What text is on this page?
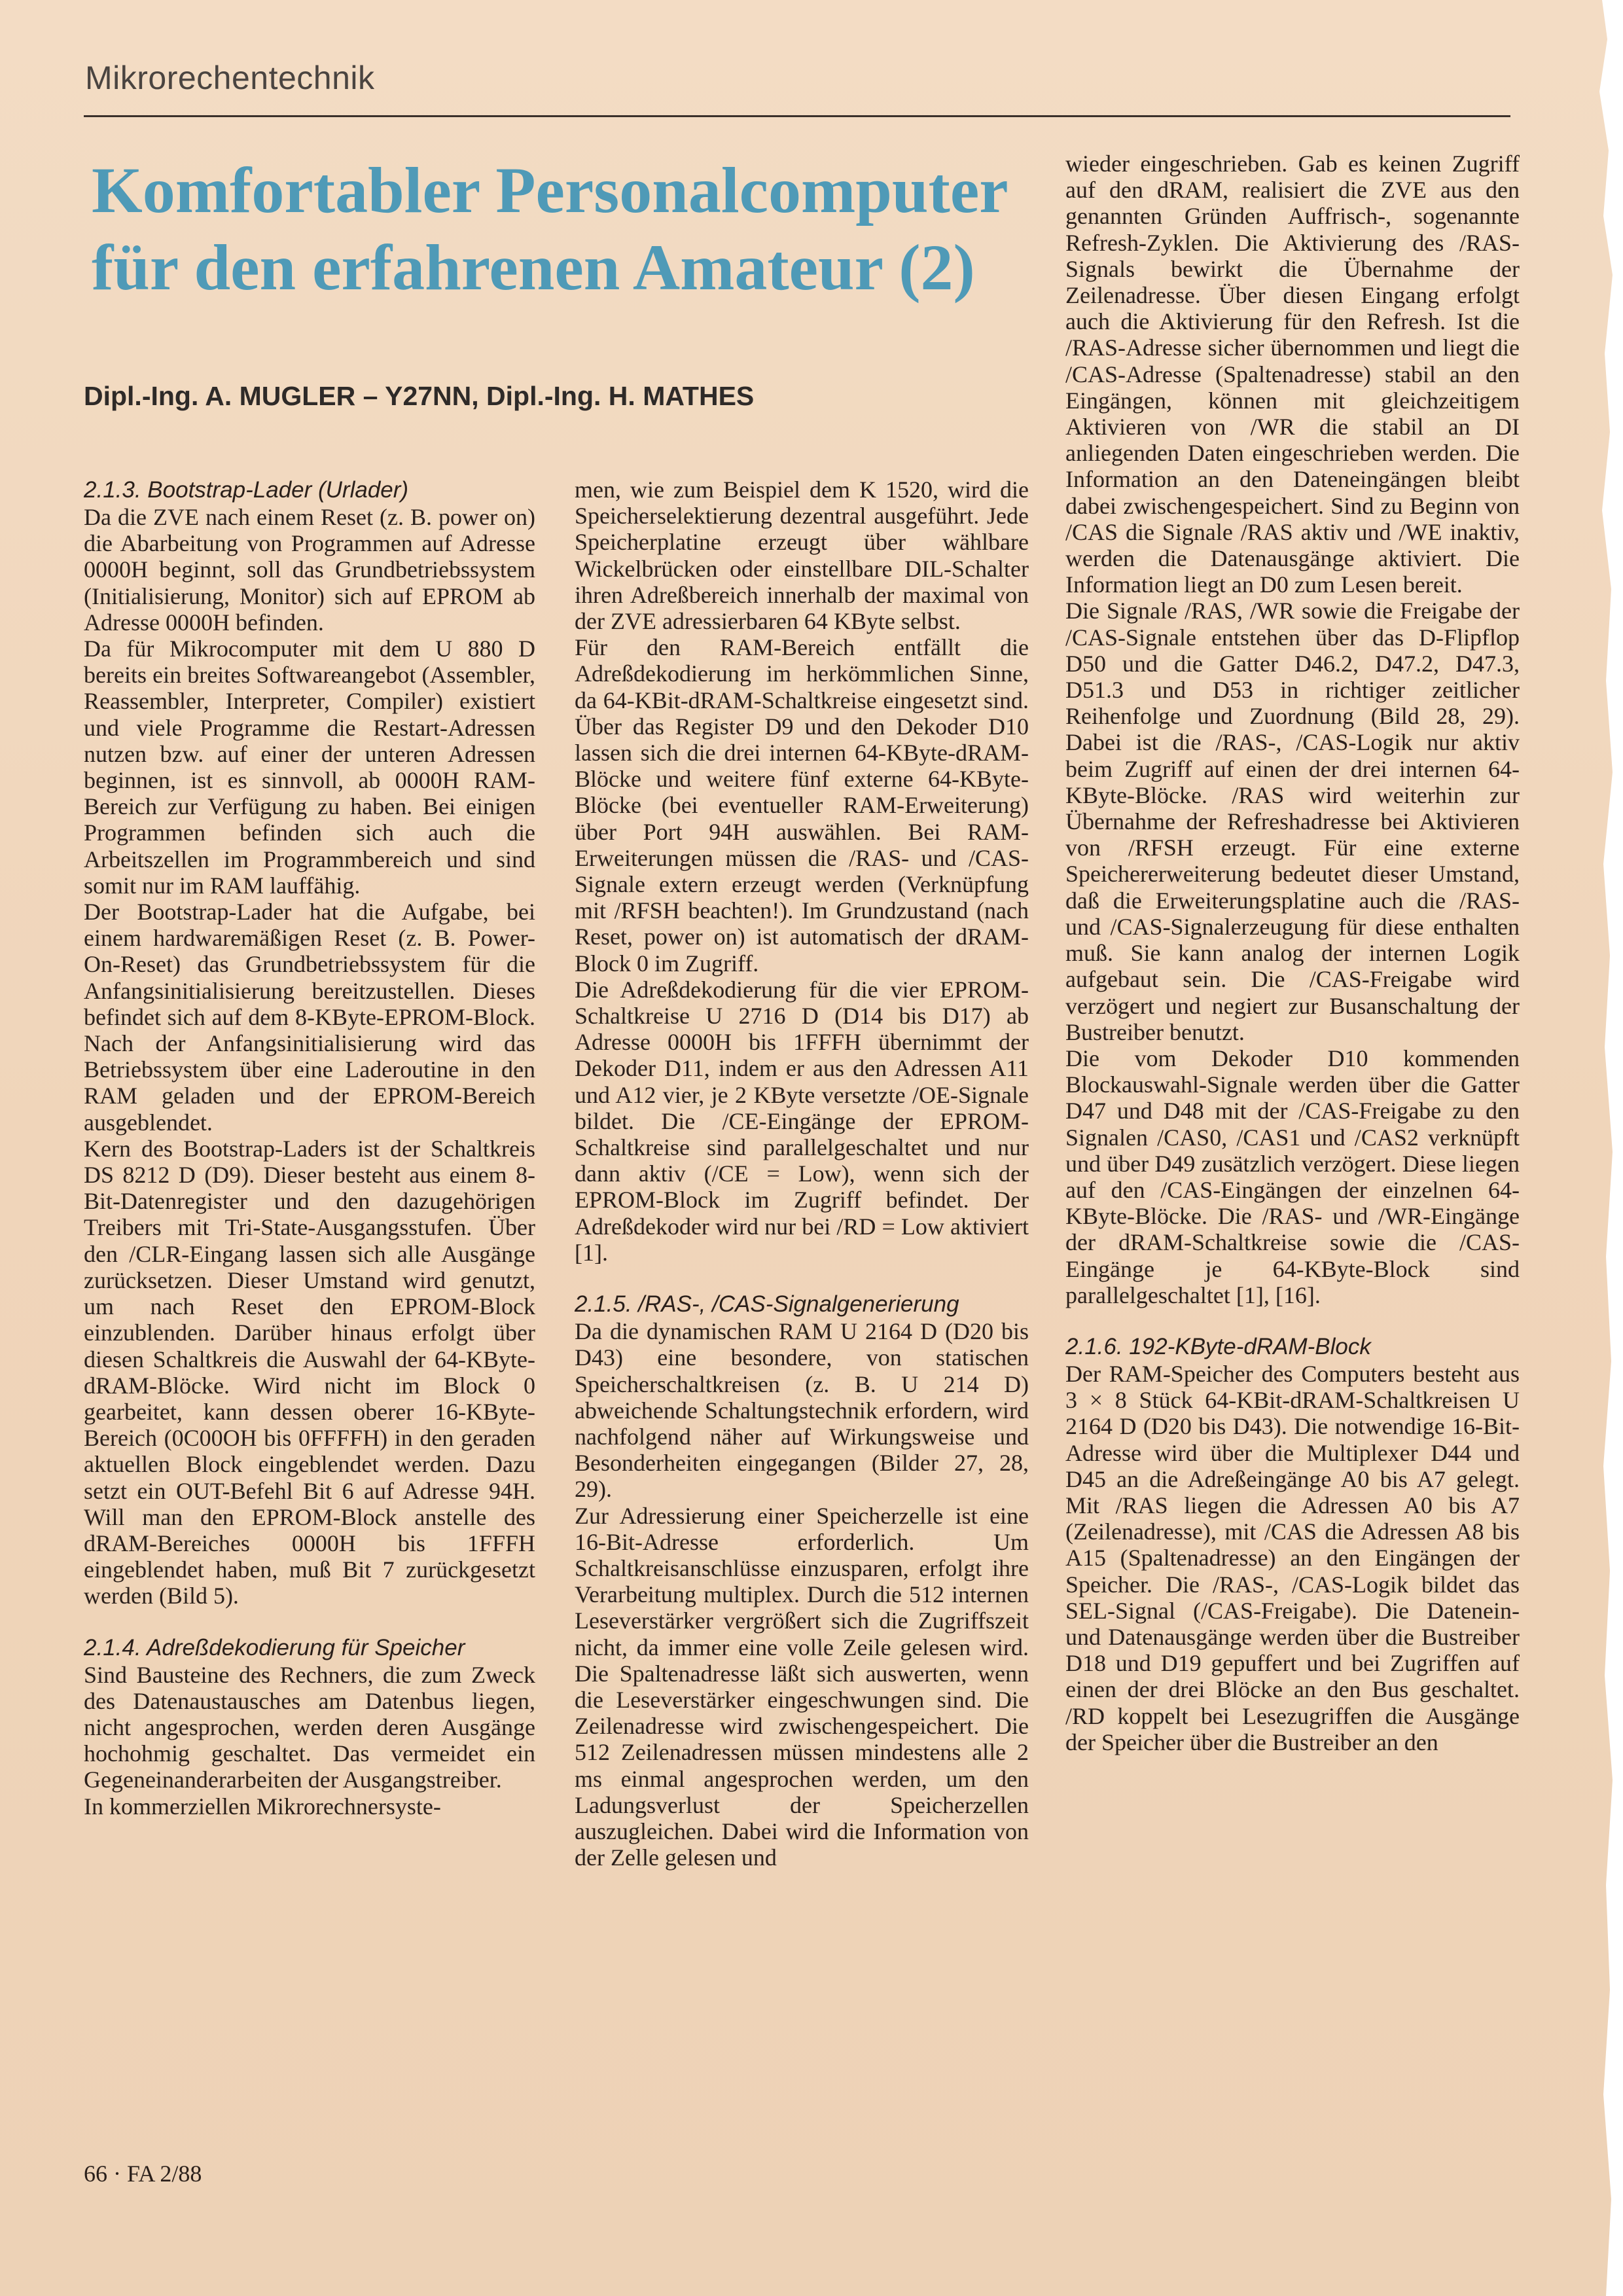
Mikrorechentechnik
Komfortabler Personalcomputer für den erfahrenen Amateur (2)
Dipl.-Ing. A. MUGLER – Y27NN, Dipl.-Ing. H. MATHES
2.1.3. Bootstrap-Lader (Urlader)

Da die ZVE nach einem Reset (z. B. power on) die Abarbeitung von Programmen auf Adresse 0000H beginnt, soll das Grundbetriebssystem (Initialisierung, Monitor) sich auf EPROM ab Adresse 0000H befinden.

Da für Mikrocomputer mit dem U 880 D bereits ein breites Softwareangebot (Assembler, Reassembler, Interpreter, Compiler) existiert und viele Programme die Restart-Adressen nutzen bzw. auf einer der unteren Adressen beginnen, ist es sinnvoll, ab 0000H RAM-Bereich zur Verfügung zu haben. Bei einigen Programmen befinden sich auch die Arbeitszellen im Programmbereich und sind somit nur im RAM lauffähig.

Der Bootstrap-Lader hat die Aufgabe, bei einem hardwaremäßigen Reset (z. B. Power-On-Reset) das Grundbetriebssystem für die Anfangsinitialisierung bereitzustellen. Dieses befindet sich auf dem 8-KByte-EPROM-Block. Nach der Anfangsinitialisierung wird das Betriebssystem über eine Laderoutine in den RAM geladen und der EPROM-Bereich ausgeblendet.

Kern des Bootstrap-Laders ist der Schaltkreis DS 8212 D (D9). Dieser besteht aus einem 8-Bit-Datenregister und den dazugehörigen Treibers mit Tri-State-Ausgangsstufen. Über den /CLR-Eingang lassen sich alle Ausgänge zurücksetzen. Dieser Umstand wird genutzt, um nach Reset den EPROM-Block einzublenden. Darüber hinaus erfolgt über diesen Schaltkreis die Auswahl der 64-KByte-dRAM-Blöcke. Wird nicht im Block 0 gearbeitet, kann dessen oberer 16-KByte-Bereich (0C00OH bis 0FFFFH) in den geraden aktuellen Block eingeblendet werden. Dazu setzt ein OUT-Befehl Bit 6 auf Adresse 94H. Will man den EPROM-Block anstelle des dRAM-Bereiches 0000H bis 1FFFH eingeblendet haben, muß Bit 7 zurückgesetzt werden (Bild 5).

2.1.4. Adreßdekodierung für Speicher

Sind Bausteine des Rechners, die zum Zweck des Datenaustausches am Datenbus liegen, nicht angesprochen, werden deren Ausgänge hochohmig geschaltet. Das vermeidet ein Gegeneinanderarbeiten der Ausgangstreiber.

In kommerziellen Mikrorechnersyste-

men, wie zum Beispiel dem K 1520, wird die Speicherselektierung dezentral ausgeführt. Jede Speicherplatine erzeugt über wählbare Wickelbrücken oder einstellbare DIL-Schalter ihren Adreßbereich innerhalb der maximal von der ZVE adressierbaren 64 KByte selbst.

Für den RAM-Bereich entfällt die Adreßdekodierung im herkömmlichen Sinne, da 64-KBit-dRAM-Schaltkreise eingesetzt sind. Über das Register D9 und den Dekoder D10 lassen sich die drei internen 64-KByte-dRAM-Blöcke und weitere fünf externe 64-KByte-Blöcke (bei eventueller RAM-Erweiterung) über Port 94H auswählen. Bei RAM-Erweiterungen müssen die /RAS- und /CAS-Signale extern erzeugt werden (Verknüpfung mit /RFSH beachten!). Im Grundzustand (nach Reset, power on) ist automatisch der dRAM-Block 0 im Zugriff.

Die Adreßdekodierung für die vier EPROM-Schaltkreise U 2716 D (D14 bis D17) ab Adresse 0000H bis 1FFFH übernimmt der Dekoder D11, indem er aus den Adressen A11 und A12 vier, je 2 KByte versetzte /OE-Signale bildet. Die /CE-Eingänge der EPROM-Schaltkreise sind parallelgeschaltet und nur dann aktiv (/CE = Low), wenn sich der EPROM-Block im Zugriff befindet. Der Adreßdekoder wird nur bei /RD = Low aktiviert [1].

2.1.5. /RAS-, /CAS-Signalgenerierung

Da die dynamischen RAM U 2164 D (D20 bis D43) eine besondere, von statischen Speicherschaltkreisen (z. B. U 214 D) abweichende Schaltungstechnik erfordern, wird nachfolgend näher auf Wirkungsweise und Besonderheiten eingegangen (Bilder 27, 28, 29).

Zur Adressierung einer Speicherzelle ist eine 16-Bit-Adresse erforderlich. Um Schaltkreisanschlüsse einzusparen, erfolgt ihre Verarbeitung multiplex. Durch die 512 internen Leseverstärker vergrößert sich die Zugriffszeit nicht, da immer eine volle Zeile gelesen wird. Die Spaltenadresse läßt sich auswerten, wenn die Leseverstärker eingeschwungen sind. Die Zeilenadresse wird zwischengespeichert. Die 512 Zeilenadressen müssen mindestens alle 2 ms einmal angesprochen werden, um den Ladungsverlust der Speicherzellen auszugleichen. Dabei wird die Information von der Zelle gelesen und

wieder eingeschrieben. Gab es keinen Zugriff auf den dRAM, realisiert die ZVE aus den genannten Gründen Auffrisch-, sogenannte Refresh-Zyklen. Die Aktivierung des /RAS-Signals bewirkt die Übernahme der Zeilenadresse. Über diesen Eingang erfolgt auch die Aktivierung für den Refresh. Ist die /RAS-Adresse sicher übernommen und liegt die /CAS-Adresse (Spaltenadresse) stabil an den Eingängen, können mit gleichzeitigem Aktivieren von /WR die stabil an DI anliegenden Daten eingeschrieben werden. Die Information an den Dateneingängen bleibt dabei zwischengespeichert. Sind zu Beginn von /CAS die Signale /RAS aktiv und /WE inaktiv, werden die Datenausgänge aktiviert. Die Information liegt an D0 zum Lesen bereit.

Die Signale /RAS, /WR sowie die Freigabe der /CAS-Signale entstehen über das D-Flipflop D50 und die Gatter D46.2, D47.2, D47.3, D51.3 und D53 in richtiger zeitlicher Reihenfolge und Zuordnung (Bild 28, 29). Dabei ist die /RAS-, /CAS-Logik nur aktiv beim Zugriff auf einen der drei internen 64-KByte-Blöcke. /RAS wird weiterhin zur Übernahme der Refreshadresse bei Aktivieren von /RFSH erzeugt. Für eine externe Speichererweiterung bedeutet dieser Umstand, daß die Erweiterungsplatine auch die /RAS- und /CAS-Signalerzeugung für diese enthalten muß. Sie kann analog der internen Logik aufgebaut sein. Die /CAS-Freigabe wird verzögert und negiert zur Busanschaltung der Bustreiber benutzt.

Die vom Dekoder D10 kommenden Blockauswahl-Signale werden über die Gatter D47 und D48 mit der /CAS-Freigabe zu den Signalen /CAS0, /CAS1 und /CAS2 verknüpft und über D49 zusätzlich verzögert. Diese liegen auf den /CAS-Eingängen der einzelnen 64-KByte-Blöcke. Die /RAS- und /WR-Eingänge der dRAM-Schaltkreise sowie die /CAS-Eingänge je 64-KByte-Block sind parallelgeschaltet [1], [16].

2.1.6. 192-KByte-dRAM-Block

Der RAM-Speicher des Computers besteht aus 3 × 8 Stück 64-KBit-dRAM-Schaltkreisen U 2164 D (D20 bis D43). Die notwendige 16-Bit-Adresse wird über die Multiplexer D44 und D45 an die Adreßeingänge A0 bis A7 gelegt. Mit /RAS liegen die Adressen A0 bis A7 (Zeilenadresse), mit /CAS die Adressen A8 bis A15 (Spaltenadresse) an den Eingängen der Speicher. Die /RAS-, /CAS-Logik bildet das SEL-Signal (/CAS-Freigabe). Die Datenein- und Datenausgänge werden über die Bustreiber D18 und D19 gepuffert und bei Zugriffen auf einen der drei Blöcke an den Bus geschaltet. /RD koppelt bei Lesezugriffen die Ausgänge der Speicher über die Bustreiber an den

66 · FA 2/88
